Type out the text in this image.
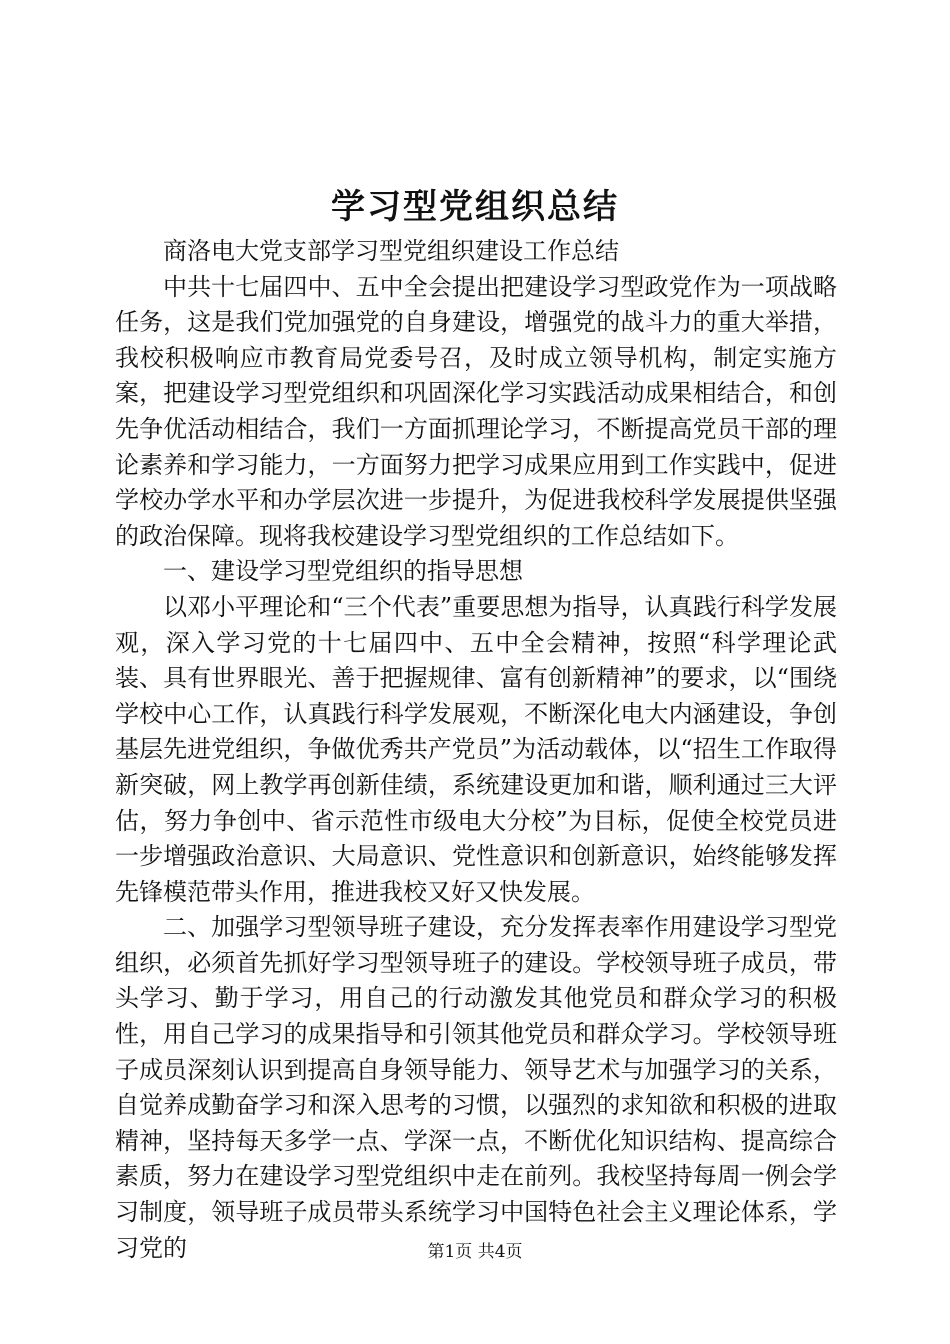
学习型党组织总结

商洛电大党支部学习型党组织建设工作总结

中共十七届四中、五中全会提出把建设学习型政党作为一项战略任务，这是我们党加强党的自身建设，增强党的战斗力的重大举措，我校积极响应市教育局党委号召，及时成立领导机构，制定实施方案，把建设学习型党组织和巩固深化学习实践活动成果相结合，和创先争优活动相结合，我们一方面抓理论学习，不断提高党员干部的理论素养和学习能力，一方面努力把学习成果应用到工作实践中，促进学校办学水平和办学层次进一步提升，为促进我校科学发展提供坚强的政治保障。现将我校建设学习型党组织的工作总结如下。

一、建设学习型党组织的指导思想

以邓小平理论和“三个代表”重要思想为指导，认真践行科学发展观，深入学习党的十七届四中、五中全会精神，按照“科学理论武装、具有世界眼光、善于把握规律、富有创新精神”的要求，以“围绕学校中心工作，认真践行科学发展观，不断深化电大内涵建设，争创基层先进党组织，争做优秀共产党员”为活动载体，以“招生工作取得新突破，网上教学再创新佳绩，系统建设更加和谐，顺利通过三大评估，努力争创中、省示范性市级电大分校”为目标，促使全校党员进一步增强政治意识、大局意识、党性意识和创新意识，始终能够发挥先锋模范带头作用，推进我校又好又快发展。

二、加强学习型领导班子建设，充分发挥表率作用建设学习型党组织，必须首先抓好学习型领导班子的建设。学校领导班子成员，带头学习、勤于学习，用自己的行动激发其他党员和群众学习的积极性，用自己学习的成果指导和引领其他党员和群众学习。学校领导班子成员深刻认识到提高自身领导能力、领导艺术与加强学习的关系，自觉养成勤奋学习和深入思考的习惯，以强烈的求知欲和积极的进取精神，坚持每天多学一点、学深一点，不断优化知识结构、提高综合素质，努力在建设学习型党组织中走在前列。我校坚持每周一例会学习制度，领导班子成员带头系统学习中国特色社会主义理论体系，学习党的	第1页 共4页
